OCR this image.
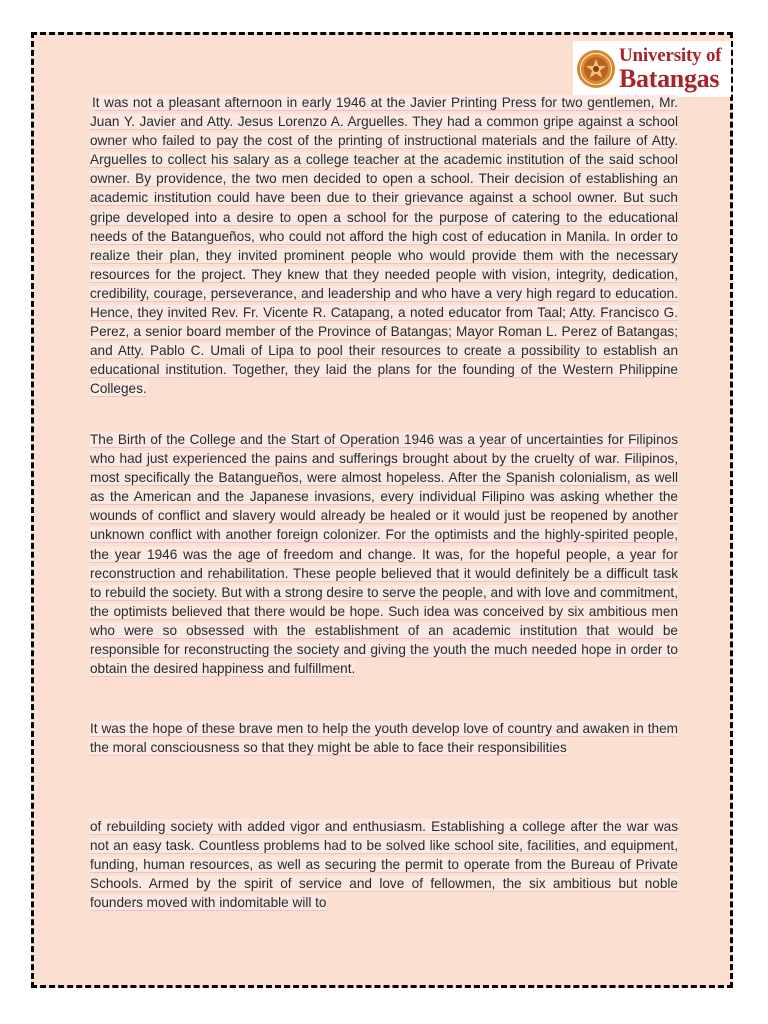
University of
Batangas
It was not a pleasant afternoon in early 1946 at the Javier Printing Press for two gentlemen, Mr. Juan Y. Javier and Atty. Jesus Lorenzo A. Arguelles. They had a common gripe against a school owner who failed to pay the cost of the printing of instructional materials and the failure of Atty. Arguelles to collect his salary as a college teacher at the academic institution of the said school owner. By providence, the two men decided to open a school. Their decision of establishing an academic institution could have been due to their grievance against a school owner. But such gripe developed into a desire to open a school for the purpose of catering to the educational needs of the Batangueños, who could not afford the high cost of education in Manila. In order to realize their plan, they invited prominent people who would provide them with the necessary resources for the project. They knew that they needed people with vision, integrity, dedication, credibility, courage, perseverance, and leadership and who have a very high regard to education. Hence, they invited Rev. Fr. Vicente R. Catapang, a noted educator from Taal; Atty. Francisco G. Perez, a senior board member of the Province of Batangas; Mayor Roman L. Perez of Batangas; and Atty. Pablo C. Umali of Lipa to pool their resources to create a possibility to establish an educational institution. Together, they laid the plans for the founding of the Western Philippine Colleges.
The Birth of the College and the Start of Operation 1946 was a year of uncertainties for Filipinos who had just experienced the pains and sufferings brought about by the cruelty of war. Filipinos, most specifically the Batangueños, were almost hopeless. After the Spanish colonialism, as well as the American and the Japanese invasions, every individual Filipino was asking whether the wounds of conflict and slavery would already be healed or it would just be reopened by another unknown conflict with another foreign colonizer. For the optimists and the highly-spirited people, the year 1946 was the age of freedom and change. It was, for the hopeful people, a year for reconstruction and rehabilitation. These people believed that it would definitely be a difficult task to rebuild the society. But with a strong desire to serve the people, and with love and commitment, the optimists believed that there would be hope. Such idea was conceived by six ambitious men who were so obsessed with the establishment of an academic institution that would be responsible for reconstructing the society and giving the youth the much needed hope in order to obtain the desired happiness and fulfillment.
It was the hope of these brave men to help the youth develop love of country and awaken in them the moral consciousness so that they might be able to face their responsibilities
of rebuilding society with added vigor and enthusiasm. Establishing a college after the war was not an easy task. Countless problems had to be solved like school site, facilities, and equipment, funding, human resources, as well as securing the permit to operate from the Bureau of Private Schools. Armed by the spirit of service and love of fellowmen, the six ambitious but noble founders moved with indomitable will to
